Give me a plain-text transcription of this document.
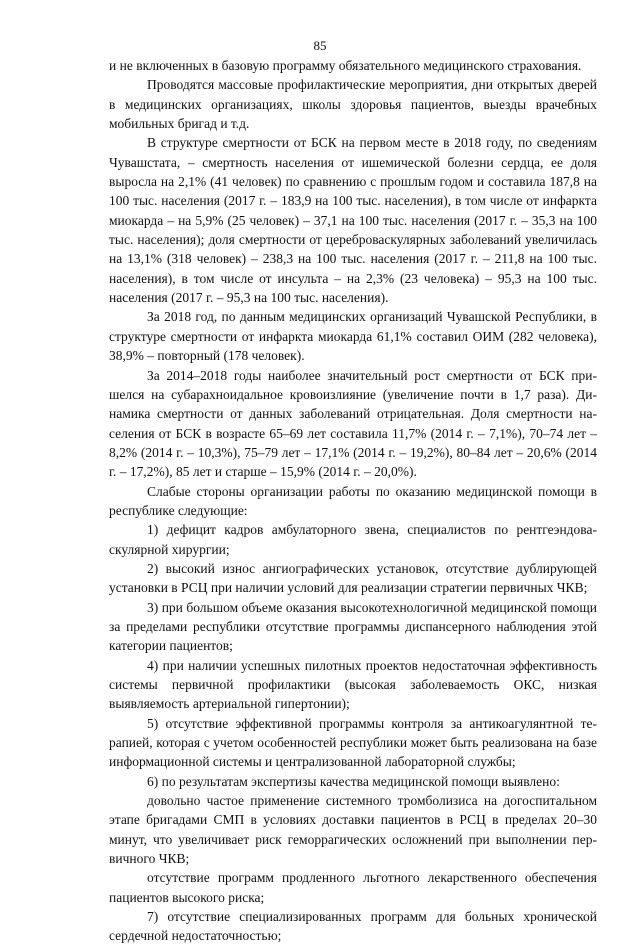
85

и не включенных в базовую программу обязательного медицинского страхования.

Проводятся массовые профилактические мероприятия, дни открытых дверей в медицинских организациях, школы здоровья пациентов, выезды врачебных мобильных бригад и т.д.

В структуре смертности от БСК на первом месте в 2018 году, по сведениям Чувашстата, – смертность населения от ишемической болезни сердца, ее доля выросла на 2,1% (41 человек) по сравнению с прошлым годом и составила 187,8 на 100 тыс. населения (2017 г. – 183,9 на 100 тыс. населения), в том числе от инфаркта миокарда – на 5,9% (25 человек) – 37,1 на 100 тыс. населения (2017 г. – 35,3 на 100 тыс. населения); доля смертности от цереброваскулярных заболеваний увеличилась на 13,1% (318 человек) – 238,3 на 100 тыс. населения (2017 г. – 211,8 на 100 тыс. населения), в том числе от инсульта – на 2,3% (23 человека) – 95,3 на 100 тыс. населения (2017 г. – 95,3 на 100 тыс. населения).

За 2018 год, по данным медицинских организаций Чувашской Республики, в структуре смертности от инфаркта миокарда 61,1% составил ОИМ (282 человека), 38,9% – повторный (178 человек).

За 2014–2018 годы наиболее значительный рост смертности от БСК пришелся на субарахноидальное кровоизлияние (увеличение почти в 1,7 раза). Динамика смертности от данных заболеваний отрицательная. Доля смертности населения от БСК в возрасте 65–69 лет составила 11,7% (2014 г. – 7,1%), 70–74 лет – 8,2% (2014 г. – 10,3%), 75–79 лет – 17,1% (2014 г. – 19,2%), 80–84 лет – 20,6% (2014 г. – 17,2%), 85 лет и старше – 15,9% (2014 г. – 20,0%).

Слабые стороны организации работы по оказанию медицинской помощи в республике следующие:

1) дефицит кадров амбулаторного звена, специалистов по рентгеэндоваскулярной хирургии;

2) высокий износ ангиографических установок, отсутствие дублирующей установки в РСЦ при наличии условий для реализации стратегии первичных ЧКВ;

3) при большом объеме оказания высокотехнологичной медицинской помощи за пределами республики отсутствие программы диспансерного наблюдения этой категории пациентов;

4) при наличии успешных пилотных проектов недостаточная эффективность системы первичной профилактики (высокая заболеваемость ОКС, низкая выявляемость артериальной гипертонии);

5) отсутствие эффективной программы контроля за антикоагулянтной терапией, которая с учетом особенностей республики может быть реализована на базе информационной системы и централизованной лабораторной службы;

6) по результатам экспертизы качества медицинской помощи выявлено:

довольно частое применение системного тромболизиса на догоспитальном этапе бригадами СМП в условиях доставки пациентов в РСЦ в пределах 20–30 минут, что увеличивает риск геморрагических осложнений при выполнении первичного ЧКВ;

отсутствие программ продленного льготного лекарственного обеспечения пациентов высокого риска;

7) отсутствие специализированных программ для больных хронической сердечной недостаточностью;
